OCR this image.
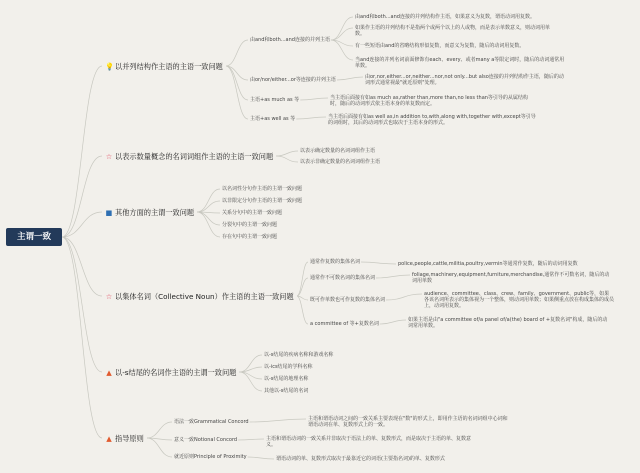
主谓一致
💡以并列结构作主语的主语一致问题
由and和both...and连接的并列主语
由and和both...and连接的并列结构作主语，如果意义为复数，谓语动词用复数。
如果作主语的并列结构不是指两个或两个以上的人或物，而是表示单数意义，则动词用单数。
有一些短语由and的省略结构形似复数，而意义为复数，随后的动词用复数。
当and连接的并列名词前面修饰有each、every、或者many a等限定词时，随后的动词通常用单数。
由or/nor/either...or等连接的并列主语	由or,nor,either...or,neither...nor,not only...but also连接的并列结构作主语，随后的动词形式通常视最"就近原则"处理。
主语+as much as 等	当主语后面接有如as much as,rather than,more than,no less than等引导的从属结构时，随后的动词形式依主语本身的单复数而定。
主语+as well as 等	当主语后面接有如as well as,in addition to,with,along with,together with,except等引导的词组时，其后的动词形式也取决于主语本身的形式。
☆ 以表示数量概念的名词词组作主语的主语一致问题
以表示确定数量的名词词组作主语
以表示非确定数量的名词词组作主语
■ 其他方面的主谓一致问题
以名词性分句作主语的主谓一致问题
以非限定分句作主语的主谓一致问题
关系分句中的主谓一致问题
分裂句中的主谓一致问题
存在句中的主谓一致问题
☆ 以集体名词（Collective Noun）作主语的主语一致问题
通常作复数的集体名词	police,people,cattle,militia,poultry,vermin等通常作复数，随后的动词用复数
通常作不可数名词的集体名词	foliage,machinery,equipment,furniture,merchandise,通常作不可数名词，随后的动词用单数
既可作单数也可作复数的集体名词
audience、committee、class、crew、family、government、public等，如果各该名词所表示的集体视为一个整体，则动词用单数；如果侧重点放在构成集体的成员上，动词用复数。
a committee of 等+复数名词
如果主语是由"a committee of/a panel of/a(the) board of +复数名词"构成，随后的动词常用单数。
▲ 以-s结尾的名词作主语的主谓一致问题
以-s结尾的疾病名称和游戏名称
以-ics结尾的学科名称
以-s结尾的地理名称
其他以-s结尾的名词
▲ 指导原则
语法一致Grammatical Concord	主语和谓语动词之间的一致关系主要表现在"数"的形式上，即用作主语的名词词组中心词和谓语动词在单、复数形式上的一致。
意义一致Notional Concord	主语和谓语动词的一致关系并非取决于语法上的单、复数形式，而是取决于主语的单、复数意义。
就近原则Principle of Proximity	谓语动词的单、复数形式取决于最靠近它的词语(主要指名词)的单、复数形式
